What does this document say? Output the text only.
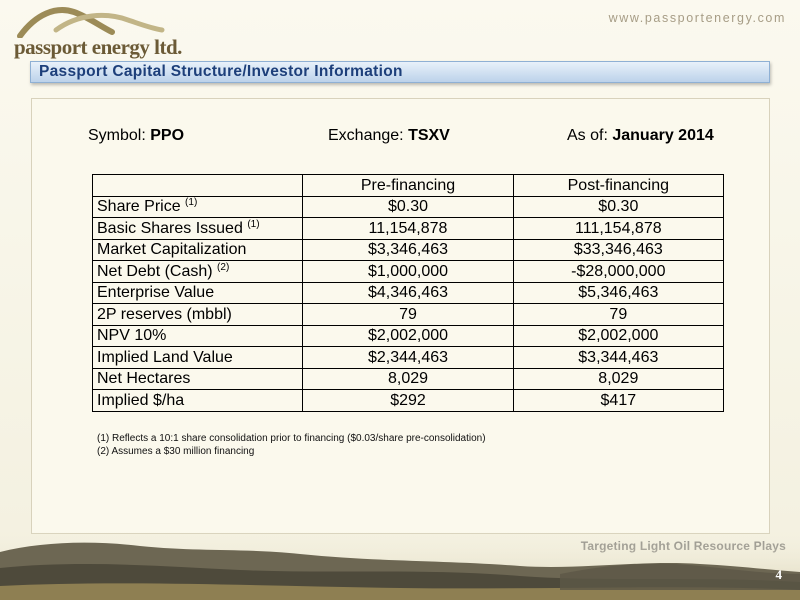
passport energy ltd.
www.passportenergy.com
Passport Capital Structure/Investor Information
Symbol: PPO	Exchange: TSXV	As of: January 2014
	Pre-financing	Post-financing
Share Price $^{(1)}$	$0.30	$0.30
Basic Shares Issued $^{(1)}$	11,154,878	111,154,878
Market Capitalization	$3,346,463	$33,346,463
Net Debt (Cash) $^{(2)}$	$1,000,000	-$28,000,000
Enterprise Value	$4,346,463	$5,346,463
2P reserves (mbbl)	79	79
NPV 10%	$2,002,000	$2,002,000
Implied Land Value	$2,344,463	$3,344,463
Net Hectares	8,029	8,029
Implied $/ha	$292	$417
(1) Reflects a 10:1 share consolidation prior to financing ($0.03/share pre-consolidation)
(2) Assumes a $30 million financing
4
